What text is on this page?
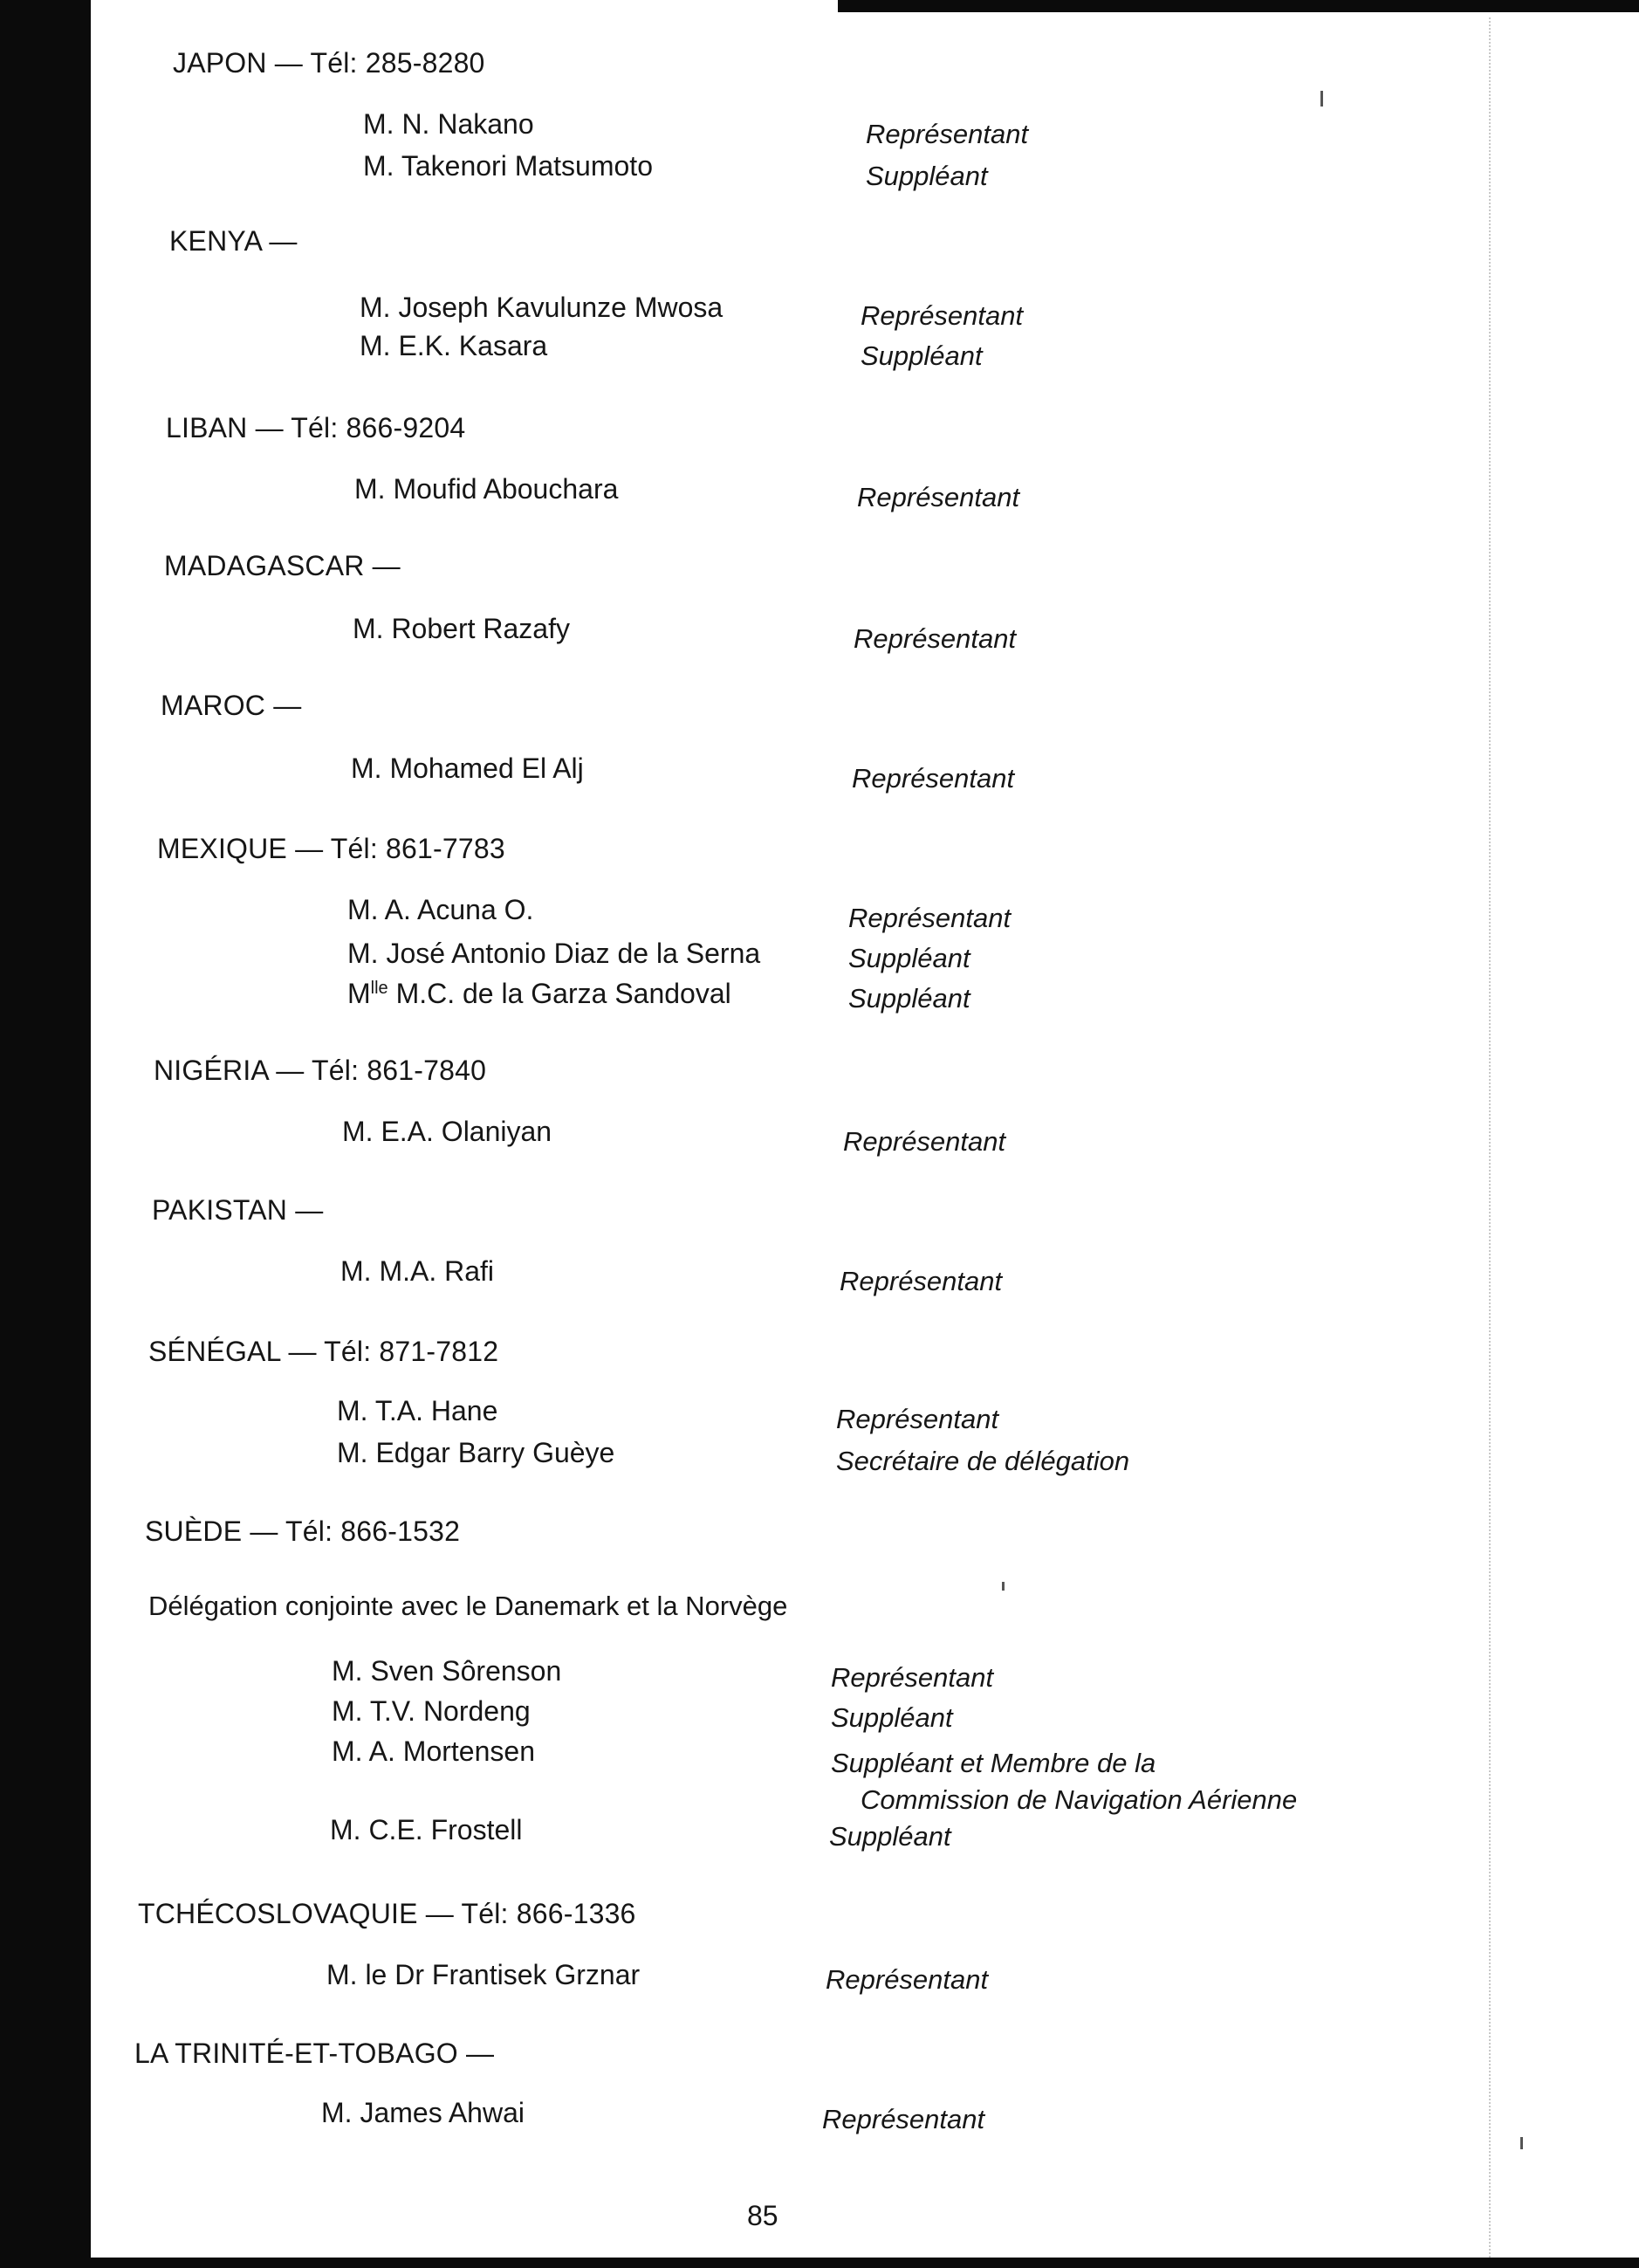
JAPON — Tél: 285-8280
M. N. Nakano	Représentant
M. Takenori Matsumoto	Suppléant
KENYA —
M. Joseph Kavulunze Mwosa	Représentant
M. E.K. Kasara	Suppléant
LIBAN — Tél: 866-9204
M. Moufid Abouchara	Représentant
MADAGASCAR —
M. Robert Razafy	Représentant
MAROC —
M. Mohamed El Alj	Représentant
MEXIQUE — Tél: 861-7783
M. A. Acuna O.	Représentant
M. José Antonio Diaz de la Serna	Suppléant
$M^{lle}$ M.C. de la Garza Sandoval	Suppléant
NIGÉRIA — Tél: 861-7840
M. E.A. Olaniyan	Représentant
PAKISTAN —
M. M.A. Rafi	Représentant
SÉNÉGAL — Tél: 871-7812
M. T.A. Hane	Représentant
M. Edgar Barry Guèye	Secrétaire de délégation
SUÈDE — Tél: 866-1532
Délégation conjointe avec le Danemark et la Norvège
M. Sven Sôrenson	Représentant
M. T.V. Nordeng	Suppléant
M. A. Mortensen	Suppléant et Membre de la
Commission de Navigation Aérienne
M. C.E. Frostell	Suppléant
TCHÉCOSLOVAQUIE — Tél: 866-1336
M. le Dr Frantisek Grznar	Représentant
LA TRINITÉ-ET-TOBAGO —
M. James Ahwai	Représentant
85
